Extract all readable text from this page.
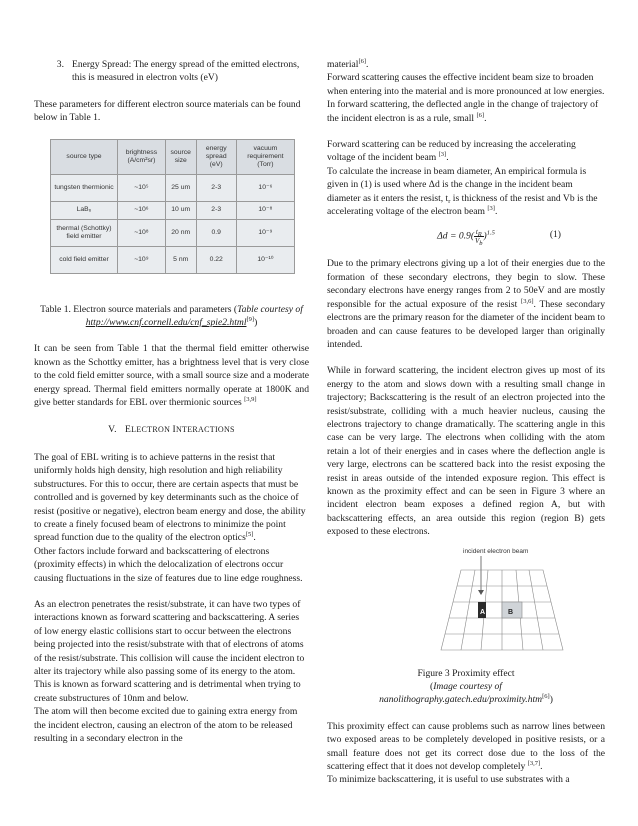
3. Energy Spread: The energy spread of the emitted electrons, this is measured in electron volts (eV)

These parameters for different electron source materials can be found below in Table 1.

source type	brightness (A/cm²sr)	source size	energy spread (eV)	vacuum requirement (Torr)
tungsten thermionic	~10⁵	25 um	2-3	10⁻⁶
LaB₆	~10⁶	10 um	2-3	10⁻⁸
thermal (Schottky) field emitter	~10⁸	20 nm	0.9	10⁻⁹
cold field emitter	~10⁹	5 nm	0.22	10⁻¹⁰

Table 1. Electron source materials and parameters (Table courtesy of http://www.cnf.cornell.edu/cnf_spie2.html[9])

It can be seen from Table 1 that the thermal field emitter otherwise known as the Schottky emitter, has a brightness level that is very close to the cold field emitter source, with a small source size and a moderate energy spread. Thermal field emitters normally operate at 1800K and give better standards for EBL over thermionic sources [3,9]

V. ELECTRON INTERACTIONS

The goal of EBL writing is to achieve patterns in the resist that uniformly holds high density, high resolution and high reliability substructures. For this to occur, there are certain aspects that must be controlled and is governed by key determinants such as the choice of resist (positive or negative), electron beam energy and dose, the ability to create a finely focused beam of electrons to minimize the point spread function due to the quality of the electron optics[5].

Other factors include forward and backscattering of electrons (proximity effects) in which the delocalization of electrons occur causing fluctuations in the size of features due to line edge roughness.

As an electron penetrates the resist/substrate, it can have two types of interactions known as forward scattering and backscattering. A series of low energy elastic collisions start to occur between the electrons being projected into the resist/substrate with that of electrons of atoms of the resist/substrate. This collision will cause the incident electron to alter its trajectory while also passing some of its energy to the atom. This is known as forward scattering and is detrimental when trying to create substructures of 10nm and below.

The atom will then become excited due to gaining extra energy from the incident electron, causing an electron of the atom to be released resulting in a secondary electron in the

material[6].

Forward scattering causes the effective incident beam size to broaden when entering into the material and is more pronounced at low energies. In forward scattering, the deflected angle in the change of trajectory of the incident electron is as a rule, small [6].

Forward scattering can be reduced by increasing the accelerating voltage of the incident beam [3].

To calculate the increase in beam diameter, An empirical formula is given in (1) is used where Δd is the change in the incident beam diameter as it enters the resist, $t_r$ is thickness of the resist and Vb is the accelerating voltage of the electron beam [3].

$\Delta d = 0.9( \frac{t_R}{V_b} )^{1.5}$	(1)

Due to the primary electrons giving up a lot of their energies due to the formation of these secondary electrons, they begin to slow. These secondary electrons have energy ranges from 2 to 50eV and are mostly responsible for the actual exposure of the resist [3,6]. These secondary electrons are the primary reason for the diameter of the incident beam to broaden and can cause features to be developed larger than originally intended.

While in forward scattering, the incident electron gives up most of its energy to the atom and slows down with a resulting small change in trajectory; Backscattering is the result of an electron projected into the resist/substrate, colliding with a much heavier nucleus, causing the electrons trajectory to change dramatically. The scattering angle in this case can be very large. The electrons when colliding with the atom retain a lot of their energies and in cases where the deflection angle is very large, electrons can be scattered back into the resist exposing the resist in areas outside of the intended exposure region. This effect is known as the proximity effect and can be seen in Figure 3 where an incident electron beam exposes a defined region A, but with backscattering effects, an area outside this region (region B) gets exposed to these electrons.

incident electron beam
A	B

Figure 3 Proximity effect

(Image courtesy of

nanolithography.gatech.edu/proximity.htm[6])

This proximity effect can cause problems such as narrow lines between two exposed areas to be completely developed in positive resists, or a small feature does not get its correct dose due to the loss of the scattering effect that it does not develop completely [3,7].

To minimize backscattering, it is useful to use substrates with a
